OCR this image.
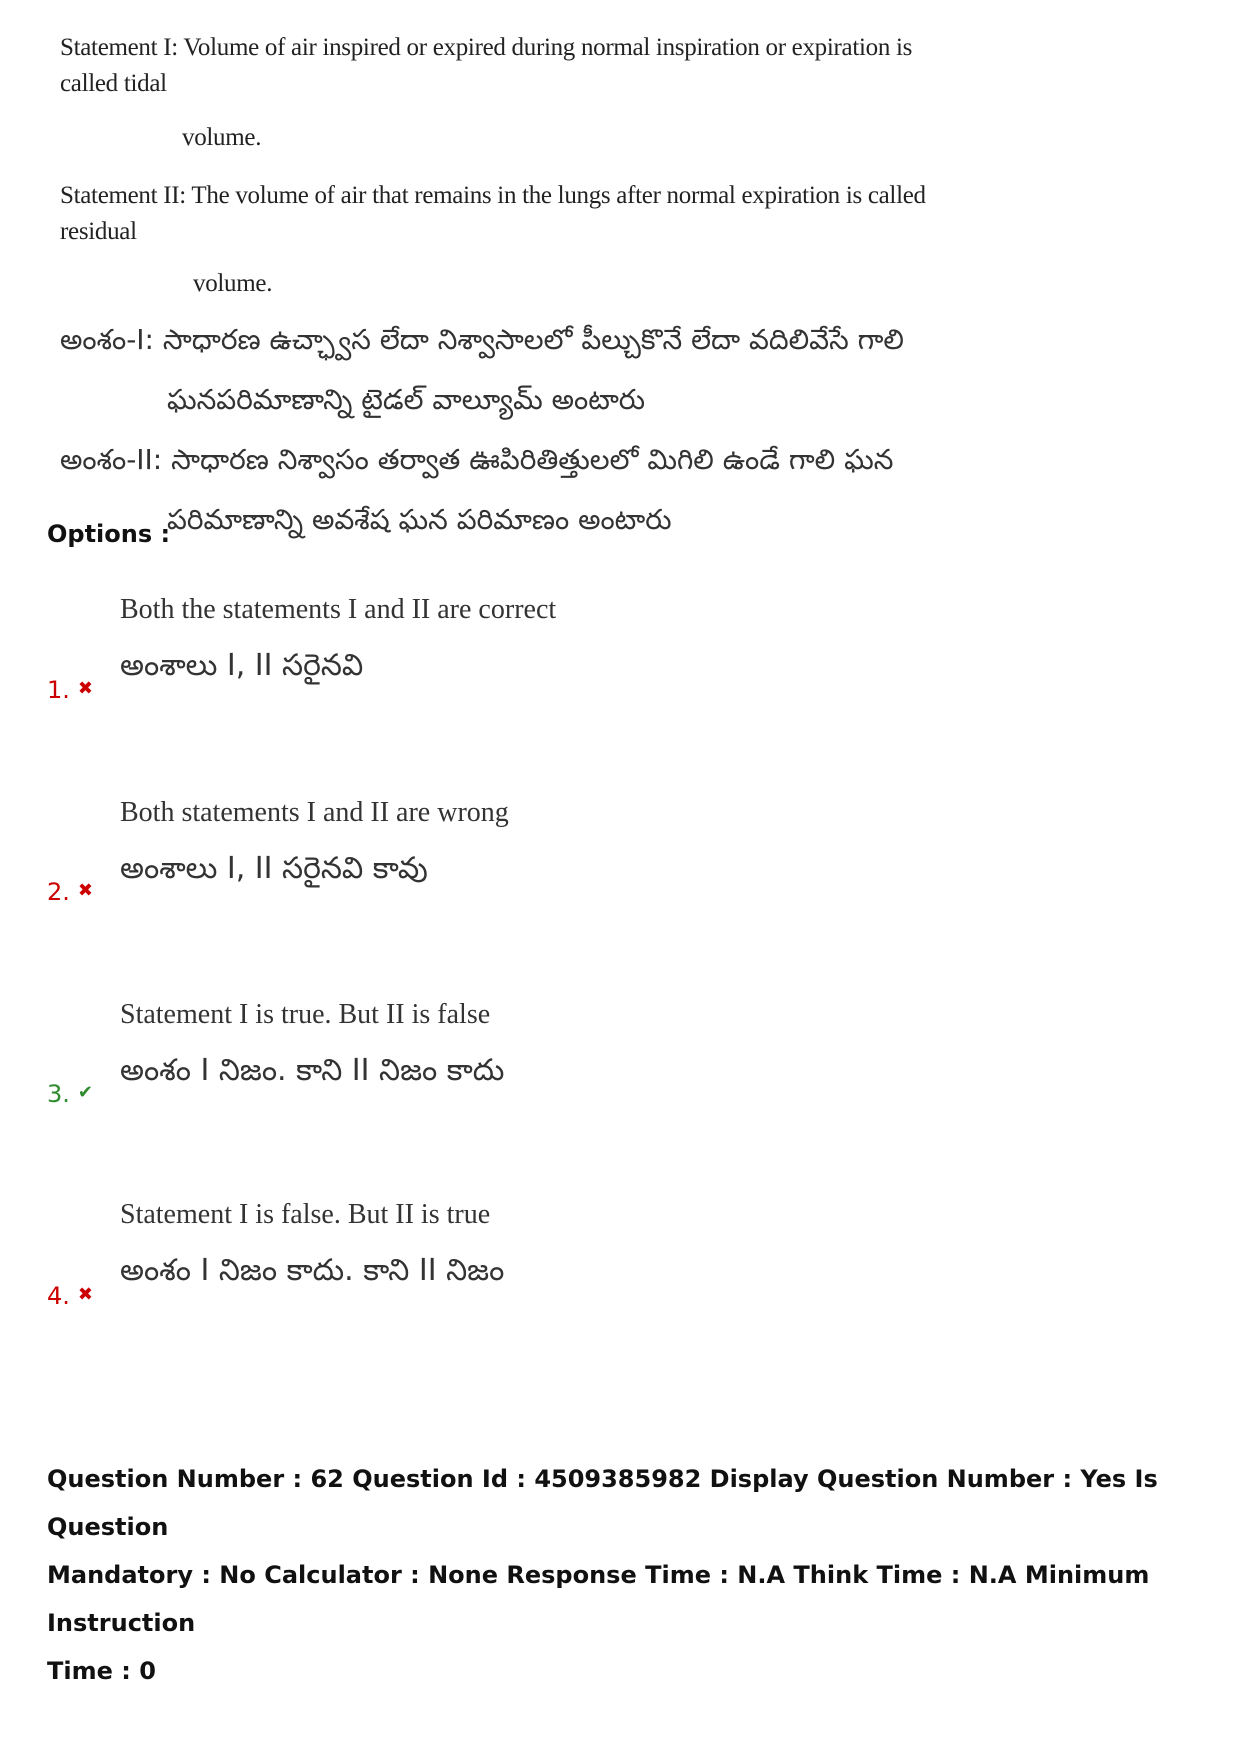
Statement I: Volume of air inspired or expired during normal inspiration or expiration is called tidal
volume.
Statement II: The volume of air that remains in the lungs after normal expiration is called residual
volume.
అంశం-I: సాధారణ ఉచ్ఛ్వాస లేదా నిశ్వాసాలలో పీల్చుకొనే లేదా వదిలివేసే గాలి
ఘనపరిమాణాన్ని టైడల్ వాల్యూమ్ అంటారు
అంశం-II: సాధారణ నిశ్వాసం తర్వాత ఊపిరితిత్తులలో మిగిలి ఉండే గాలి ఘన
పరిమాణాన్ని అవశేష ఘన పరిమాణం అంటారు
Options :
Both the statements I and II are correct
అంశాలు I, II సరైనవి
1. ✖
Both statements I and II are wrong
అంశాలు I, II సరైనవి కావు
2. ✖
Statement I is true. But II is false
అంశం I నిజం. కాని II నిజం కాదు
3. ✔
Statement I is false. But II is true
అంశం I నిజం కాదు. కాని II నిజం
4. ✖
Question Number : 62 Question Id : 4509385982 Display Question Number : Yes Is Question
Mandatory : No Calculator : None Response Time : N.A Think Time : N.A Minimum Instruction
Time : 0
